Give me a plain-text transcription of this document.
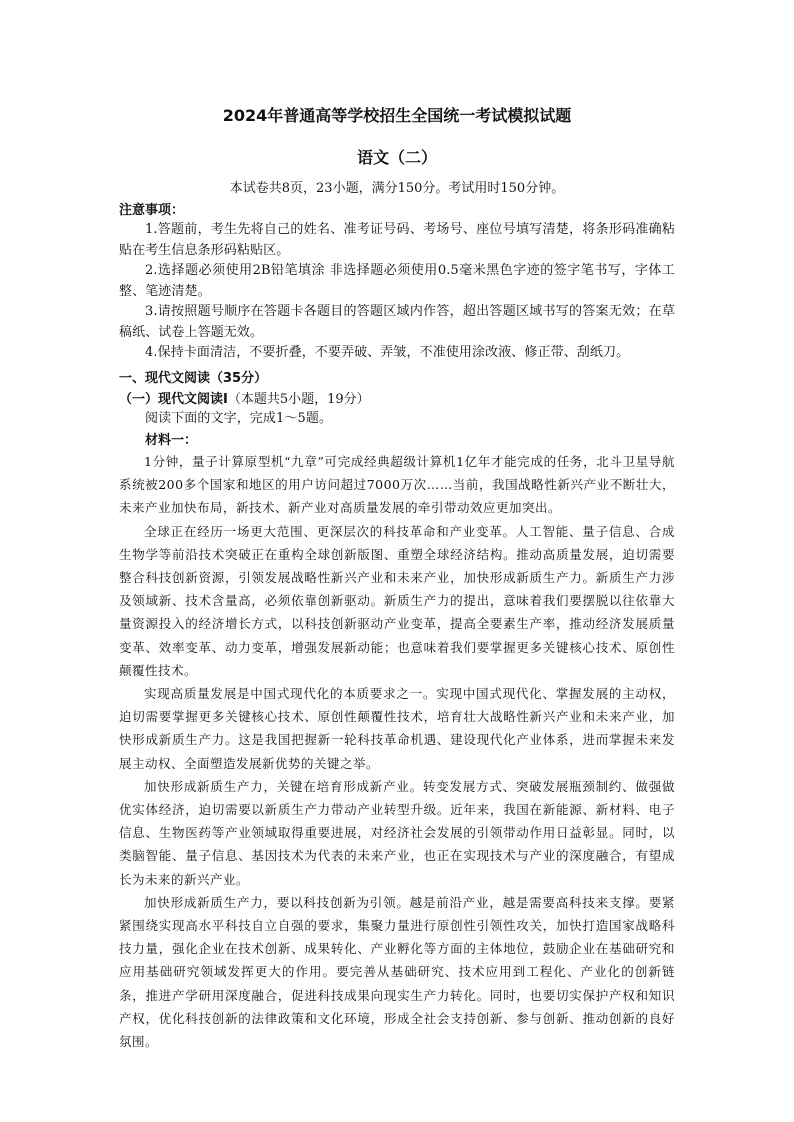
2024年普通高等学校招生全国统一考试模拟试题
语文（二）
本试卷共8页，23小题，满分150分。考试用时150分钟。

注意事项：

1.答题前，考生先将自己的姓名、准考证号码、考场号、座位号填写清楚，将条形码准确粘贴在考生信息条形码粘贴区。

2.选择题必须使用2B铅笔填涂 非选择题必须使用0.5毫米黑色字迹的签字笔书写，字体工整、笔迹清楚。

3.请按照题号顺序在答题卡各题目的答题区域内作答，超出答题区域书写的答案无效；在草稿纸、试卷上答题无效。

4.保持卡面清洁，不要折叠，不要弄破、弄皱，不准使用涂改液、修正带、刮纸刀。

一、现代文阅读（35分）

（一）现代文阅读Ⅰ（本题共5小题，19分）

阅读下面的文字，完成1～5题。

材料一：

1分钟，量子计算原型机“九章”可完成经典超级计算机1亿年才能完成的任务，北斗卫星导航系统被200多个国家和地区的用户访问超过7000万次……当前，我国战略性新兴产业不断壮大，未来产业加快布局，新技术、新产业对高质量发展的牵引带动效应更加突出。

全球正在经历一场更大范围、更深层次的科技革命和产业变革。人工智能、量子信息、合成生物学等前沿技术突破正在重构全球创新版图、重塑全球经济结构。推动高质量发展，迫切需要整合科技创新资源，引领发展战略性新兴产业和未来产业，加快形成新质生产力。新质生产力涉及领域新、技术含量高，必须依靠创新驱动。新质生产力的提出，意味着我们要摆脱以往依靠大量资源投入的经济增长方式，以科技创新驱动产业变革，提高全要素生产率，推动经济发展质量变革、效率变革、动力变革，增强发展新动能；也意味着我们要掌握更多关键核心技术、原创性颠覆性技术。

实现高质量发展是中国式现代化的本质要求之一。实现中国式现代化、掌握发展的主动权，迫切需要掌握更多关键核心技术、原创性颠覆性技术，培育壮大战略性新兴产业和未来产业，加快形成新质生产力。这是我国把握新一轮科技革命机遇、建设现代化产业体系，进而掌握未来发展主动权、全面塑造发展新优势的关键之举。

加快形成新质生产力，关键在培育形成新产业。转变发展方式、突破发展瓶颈制约、做强做优实体经济，迫切需要以新质生产力带动产业转型升级。近年来，我国在新能源、新材料、电子信息、生物医药等产业领域取得重要进展，对经济社会发展的引领带动作用日益彰显。同时，以类脑智能、量子信息、基因技术为代表的未来产业，也正在实现技术与产业的深度融合，有望成长为未来的新兴产业。

加快形成新质生产力，要以科技创新为引领。越是前沿产业，越是需要高科技来支撑。要紧紧围绕实现高水平科技自立自强的要求，集聚力量进行原创性引领性攻关，加快打造国家战略科技力量，强化企业在技术创新、成果转化、产业孵化等方面的主体地位，鼓励企业在基础研究和应用基础研究领域发挥更大的作用。要完善从基础研究、技术应用到工程化、产业化的创新链条，推进产学研用深度融合，促进科技成果向现实生产力转化。同时，也要切实保护产权和知识产权，优化科技创新的法律政策和文化环境，形成全社会支持创新、参与创新、推动创新的良好氛围。
